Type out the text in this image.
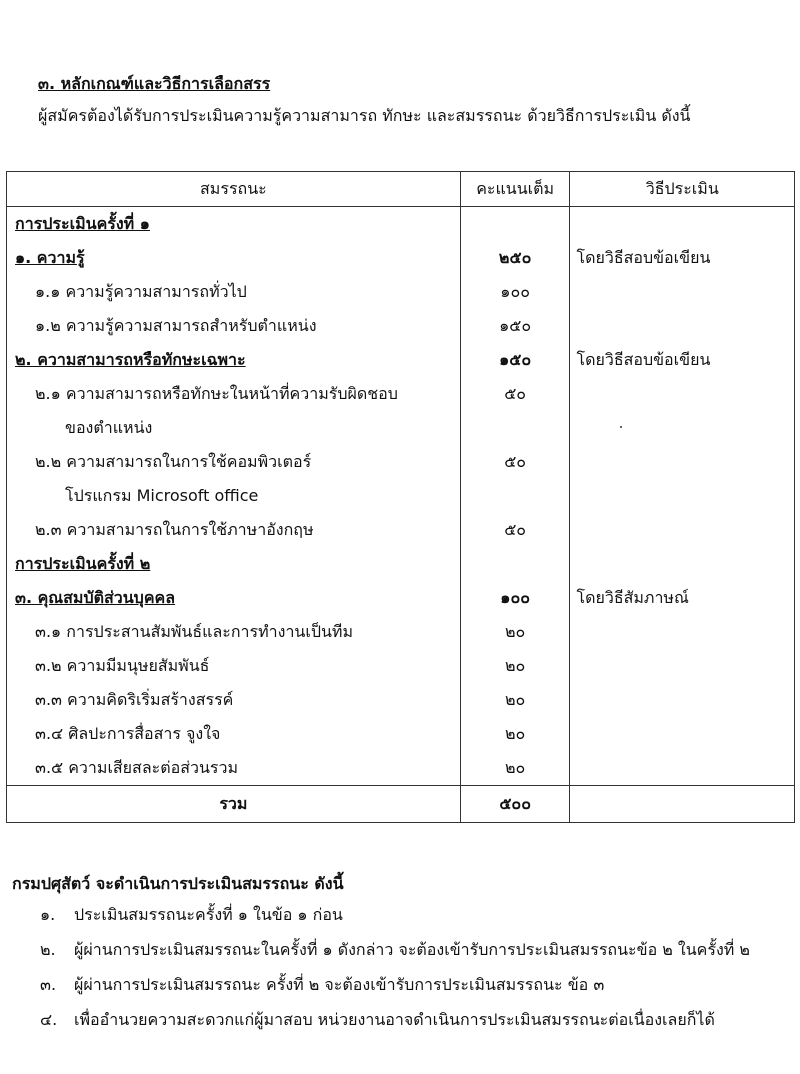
๓. หลักเกณฑ์และวิธีการเลือกสรร
ผู้สมัครต้องได้รับการประเมินความรู้ความสามารถ ทักษะ และสมรรถนะ ด้วยวิธีการประเมิน ดังนี้
สมรรถนะ	คะแนนเต็ม	วิธีประเมิน
การประเมินครั้งที่ ๑		
๑. ความรู้	๒๕๐	โดยวิธีสอบข้อเขียน
๑.๑ ความรู้ความสามารถทั่วไป	๑๐๐	
๑.๒ ความรู้ความสามารถสำหรับตำแหน่ง	๑๕๐	
๒. ความสามารถหรือทักษะเฉพาะ	๑๕๐	โดยวิธีสอบข้อเขียน
๒.๑ ความสามารถหรือทักษะในหน้าที่ความรับผิดชอบ	๕๐	
ของตำแหน่ง		
๒.๒ ความสามารถในการใช้คอมพิวเตอร์	๕๐	
โปรแกรม Microsoft office		
๒.๓ ความสามารถในการใช้ภาษาอังกฤษ	๕๐	
การประเมินครั้งที่ ๒		
๓. คุณสมบัติส่วนบุคคล	๑๐๐	โดยวิธีสัมภาษณ์
๓.๑ การประสานสัมพันธ์และการทำงานเป็นทีม	๒๐	
๓.๒ ความมีมนุษยสัมพันธ์	๒๐	
๓.๓ ความคิดริเริ่มสร้างสรรค์	๒๐	
๓.๔ ศิลปะการสื่อสาร จูงใจ	๒๐	
๓.๕ ความเสียสละต่อส่วนรวม	๒๐	
รวม	๕๐๐	
กรมปศุสัตว์ จะดำเนินการประเมินสมรรถนะ ดังนี้
๑.	ประเมินสมรรถนะครั้งที่ ๑ ในข้อ ๑ ก่อน
๒.	ผู้ผ่านการประเมินสมรรถนะในครั้งที่ ๑ ดังกล่าว จะต้องเข้ารับการประเมินสมรรถนะข้อ ๒ ในครั้งที่ ๒
๓.	ผู้ผ่านการประเมินสมรรถนะ ครั้งที่ ๒ จะต้องเข้ารับการประเมินสมรรถนะ ข้อ ๓
๔.	เพื่ออำนวยความสะดวกแก่ผู้มาสอบ หน่วยงานอาจดำเนินการประเมินสมรรถนะต่อเนื่องเลยก็ได้
